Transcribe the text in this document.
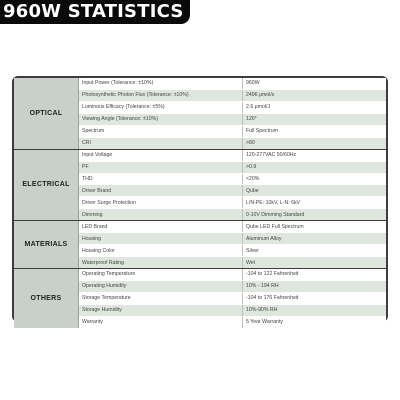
960W STATISTICS
OPTICAL
Input Power (Tolerance: ±10%)	960W
Photosynthetic Photon Flux (Tolerance: ±10%)	2496 μmol/s
Luminous Efficacy (Tolerance: ±5%)	2.6 μmol/J
Viewing Angle (Tolerance: ±10%)	120°
Spectrum	Full Spectrum
CRI	>80
ELECTRICAL
Input Voltage	120-277VAC 50/60Hz
PF	>0.9
THD	<20%
Driver Brand	Qube
Driver Surge Protection	L/N-PE: 10kV, L-N: 6kV
Dimming	0-10V Dimming Standard
MATERIALS
LED Brand	Qube LED Full Spectrum
Housing	Aluminum Alloy
Housing Color	Silver
Waterproof Rating	Wet
OTHERS
Operating Temperature	-104 to 122 Fahrenheit
Operating Humidity	10% - 194 RH
Storage Temperature	-104 to 176 Fahrenheit
Storage Humidity	10%-90% RH
Warranty	5 Year Warranty
